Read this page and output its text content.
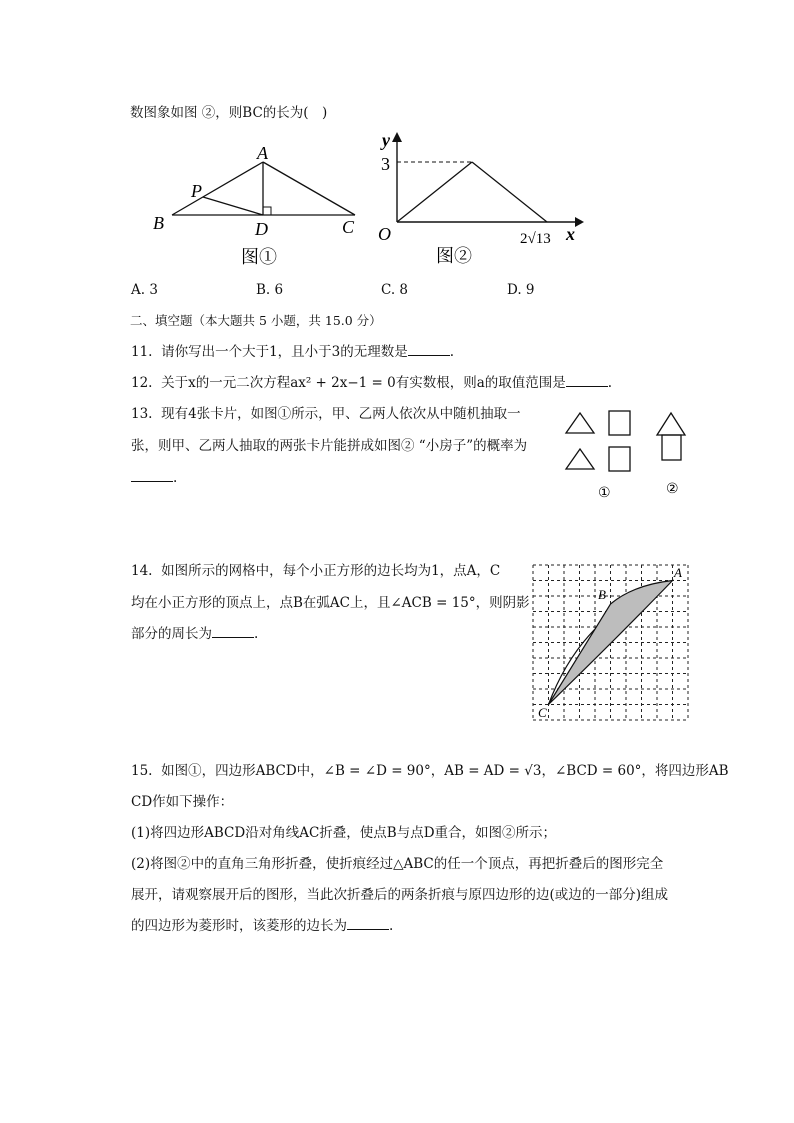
数图象如图 ②，则BC的长为(　)
A
B	C
D
P
图①
y
x
O
3
2√13
图②
A. 3	B. 6	C. 8	D. 9
二、填空题（本大题共 5 小题，共 15.0 分）
11. 请你写出一个大于1，且小于3的无理数是	.
12. 关于x的一元二次方程ax² + 2x−1 = 0有实数根，则a的取值范围是	.
13. 现有4张卡片，如图①所示，甲、乙两人依次从中随机抽取一
张，则甲、乙两人抽取的两张卡片能拼成如图② “小房子”的概率为
.
①	②
14. 如图所示的网格中，每个小正方形的边长均为1，点A，C
均在小正方形的顶点上，点B在弧AC上，且∠ACB = 15°，则阴影
部分的周长为	.
A
B
C
15. 如图①，四边形ABCD中，∠B = ∠D = 90°，AB = AD = √3，∠BCD = 60°，将四边形AB
CD作如下操作：
(1)将四边形ABCD沿对角线AC折叠，使点B与点D重合，如图②所示；
(2)将图②中的直角三角形折叠，使折痕经过△ABC的任一个顶点，再把折叠后的图形完全
展开，请观察展开后的图形，当此次折叠后的两条折痕与原四边形的边(或边的一部分)组成
的四边形为菱形时，该菱形的边长为	.
